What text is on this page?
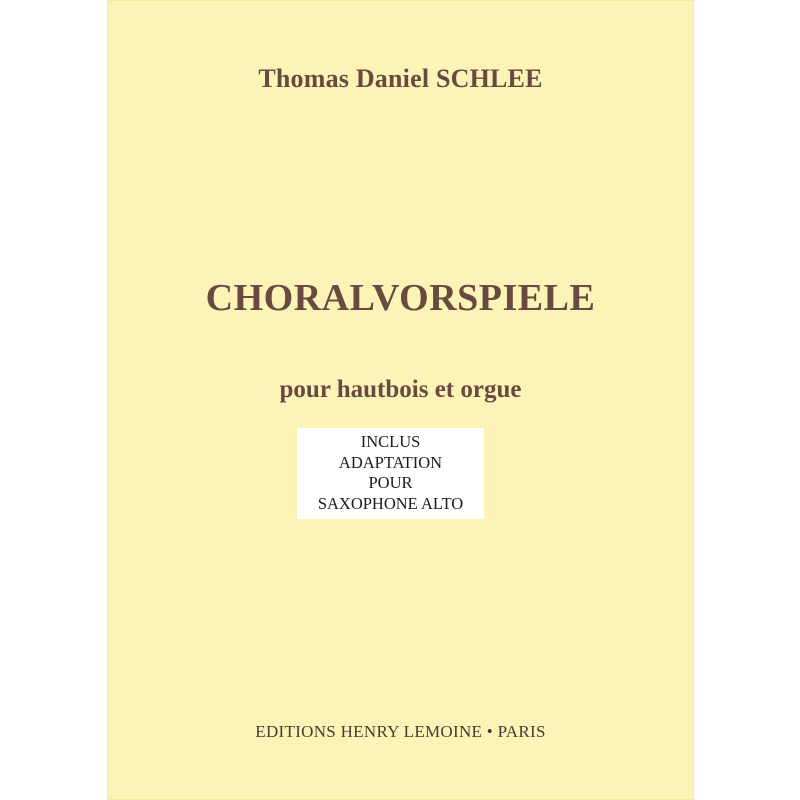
Thomas Daniel SCHLEE

CHORALVORSPIELE

pour hautbois et orgue

INCLUS
ADAPTATION
POUR
SAXOPHONE ALTO
EDITIONS HENRY LEMOINE • PARIS
